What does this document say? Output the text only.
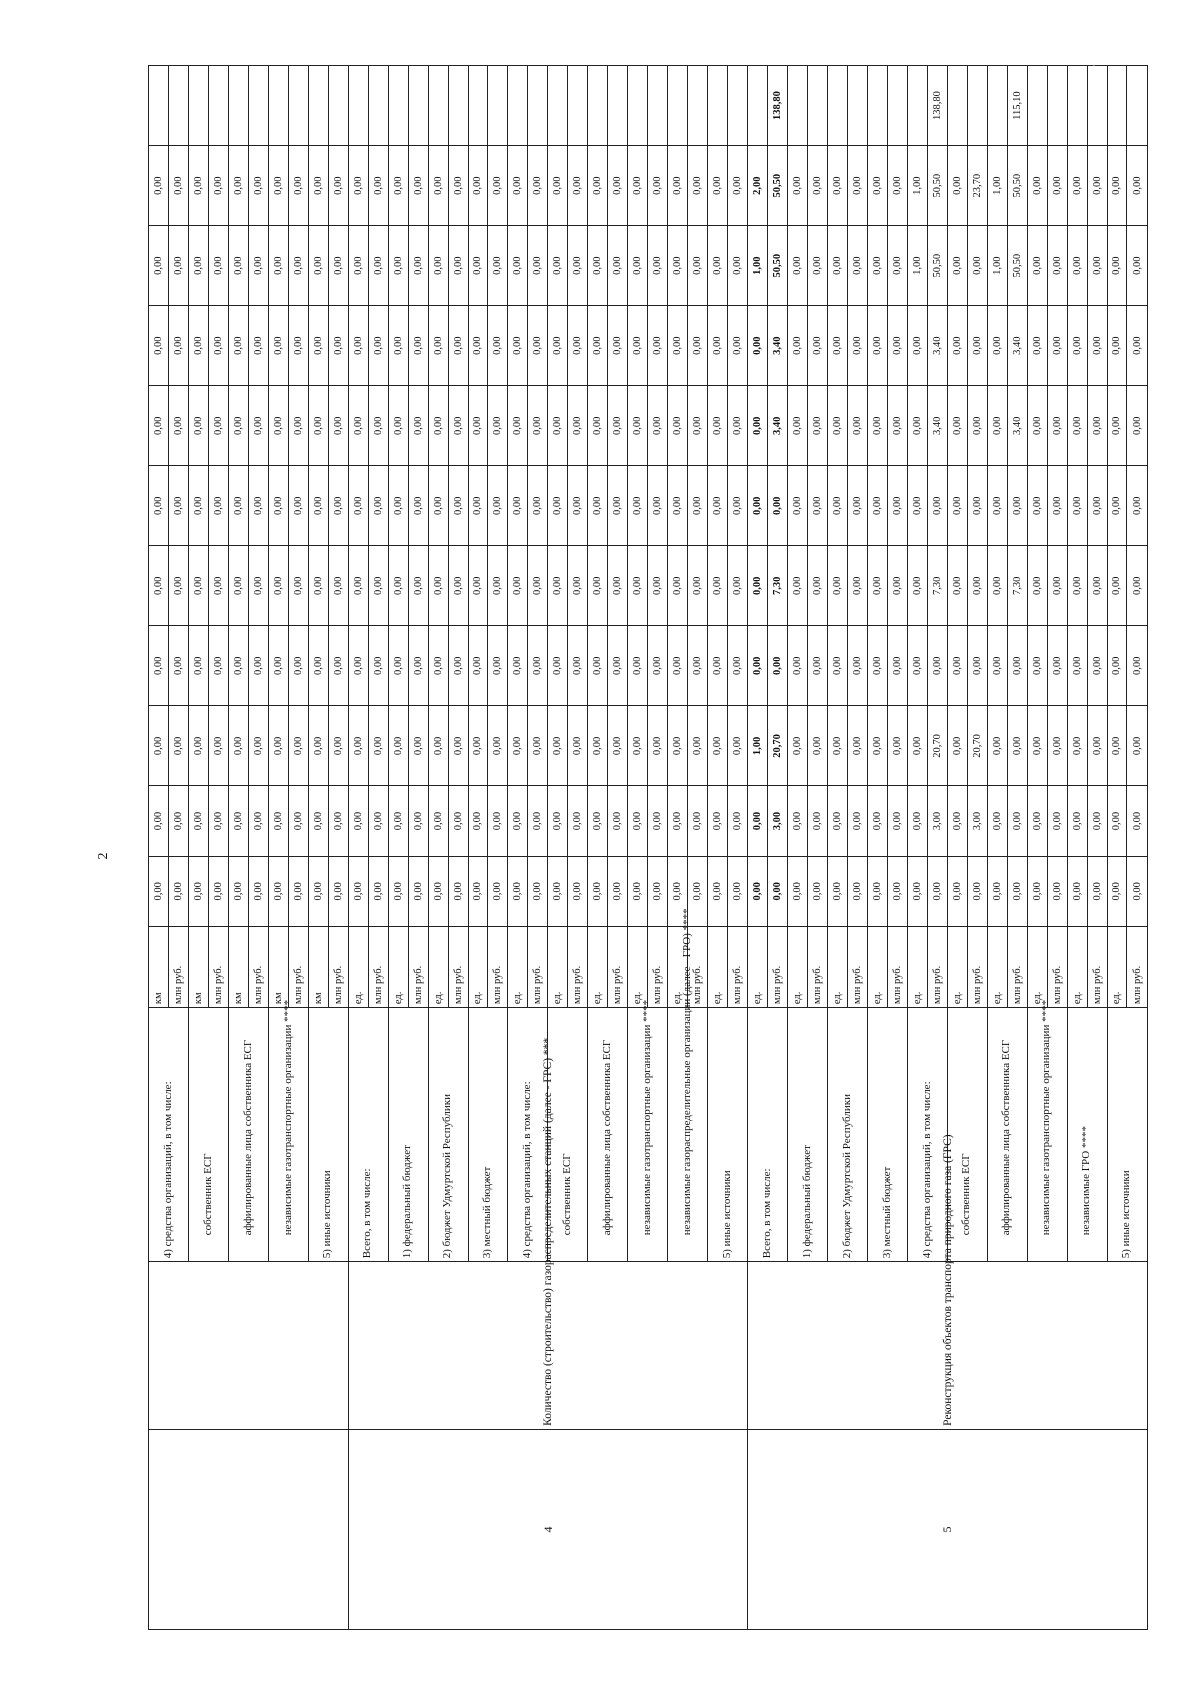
2
		4) средства организаций, в том числе:	км	0,00	0,00	0,00	0,00	0,00	0,00	0,00	0,00	0,00	0,00	
			млн руб.	0,00	0,00	0,00	0,00	0,00	0,00	0,00	0,00	0,00	0,00	
		собственник ЕСГ	км	0,00	0,00	0,00	0,00	0,00	0,00	0,00	0,00	0,00	0,00	
			млн руб.	0,00	0,00	0,00	0,00	0,00	0,00	0,00	0,00	0,00	0,00	
		аффилированные лица собственника ЕСГ	км	0,00	0,00	0,00	0,00	0,00	0,00	0,00	0,00	0,00	0,00	
			млн руб.	0,00	0,00	0,00	0,00	0,00	0,00	0,00	0,00	0,00	0,00	
		независимые газотранспортные организации ****	км	0,00	0,00	0,00	0,00	0,00	0,00	0,00	0,00	0,00	0,00	
			млн руб.	0,00	0,00	0,00	0,00	0,00	0,00	0,00	0,00	0,00	0,00	
		5) иные источники	км	0,00	0,00	0,00	0,00	0,00	0,00	0,00	0,00	0,00	0,00	
			млн руб.	0,00	0,00	0,00	0,00	0,00	0,00	0,00	0,00	0,00	0,00	
4	Количество (строительство) газораспределительных станций (далее - ГРС) ***	Всего, в том числе:	ед.	0,00	0,00	0,00	0,00	0,00	0,00	0,00	0,00	0,00	0,00	
			млн руб.	0,00	0,00	0,00	0,00	0,00	0,00	0,00	0,00	0,00	0,00	
		1) федеральный бюджет	ед.	0,00	0,00	0,00	0,00	0,00	0,00	0,00	0,00	0,00	0,00	
			млн руб.	0,00	0,00	0,00	0,00	0,00	0,00	0,00	0,00	0,00	0,00	
		2) бюджет Удмуртской Республики	ед.	0,00	0,00	0,00	0,00	0,00	0,00	0,00	0,00	0,00	0,00	
			млн руб.	0,00	0,00	0,00	0,00	0,00	0,00	0,00	0,00	0,00	0,00	
		3) местный бюджет	ед.	0,00	0,00	0,00	0,00	0,00	0,00	0,00	0,00	0,00	0,00	
			млн руб.	0,00	0,00	0,00	0,00	0,00	0,00	0,00	0,00	0,00	0,00	
		4) средства организаций, в том числе:	ед.	0,00	0,00	0,00	0,00	0,00	0,00	0,00	0,00	0,00	0,00	
			млн руб.	0,00	0,00	0,00	0,00	0,00	0,00	0,00	0,00	0,00	0,00	
		собственник ЕСГ	ед.	0,00	0,00	0,00	0,00	0,00	0,00	0,00	0,00	0,00	0,00	
			млн руб.	0,00	0,00	0,00	0,00	0,00	0,00	0,00	0,00	0,00	0,00	
		аффилированные лица собственника ЕСГ	ед.	0,00	0,00	0,00	0,00	0,00	0,00	0,00	0,00	0,00	0,00	
			млн руб.	0,00	0,00	0,00	0,00	0,00	0,00	0,00	0,00	0,00	0,00	
		независимые газотранспортные организации ****	ед.	0,00	0,00	0,00	0,00	0,00	0,00	0,00	0,00	0,00	0,00	
			млн руб.	0,00	0,00	0,00	0,00	0,00	0,00	0,00	0,00	0,00	0,00	
		независимые газораспределительные организации (далее - ГРО) ****	ед.	0,00	0,00	0,00	0,00	0,00	0,00	0,00	0,00	0,00	0,00	
			млн руб.	0,00	0,00	0,00	0,00	0,00	0,00	0,00	0,00	0,00	0,00	
		5) иные источники	ед.	0,00	0,00	0,00	0,00	0,00	0,00	0,00	0,00	0,00	0,00	
			млн руб.	0,00	0,00	0,00	0,00	0,00	0,00	0,00	0,00	0,00	0,00	
5	Реконструкция объектов транспорта природного газа (ГРС)	Всего, в том числе:	ед.	0,00	0,00	1,00	0,00	0,00	0,00	0,00	0,00	1,00	2,00	
			млн руб.	0,00	3,00	20,70	0,00	7,30	0,00	3,40	3,40	50,50	50,50	138,80
		1) федеральный бюджет	ед.	0,00	0,00	0,00	0,00	0,00	0,00	0,00	0,00	0,00	0,00	
			млн руб.	0,00	0,00	0,00	0,00	0,00	0,00	0,00	0,00	0,00	0,00	
		2) бюджет Удмуртской Республики	ед.	0,00	0,00	0,00	0,00	0,00	0,00	0,00	0,00	0,00	0,00	
			млн руб.	0,00	0,00	0,00	0,00	0,00	0,00	0,00	0,00	0,00	0,00	
		3) местный бюджет	ед.	0,00	0,00	0,00	0,00	0,00	0,00	0,00	0,00	0,00	0,00	
			млн руб.	0,00	0,00	0,00	0,00	0,00	0,00	0,00	0,00	0,00	0,00	
		4) средства организаций, в том числе:	ед.	0,00	0,00	0,00	0,00	0,00	0,00	0,00	0,00	1,00	1,00	
			млн руб.	0,00	3,00	20,70	0,00	7,30	0,00	3,40	3,40	50,50	50,50	138,80
		собственник ЕСГ	ед.	0,00	0,00	0,00	0,00	0,00	0,00	0,00	0,00	0,00	0,00	
			млн руб.	0,00	3,00	20,70	0,00	0,00	0,00	0,00	0,00	0,00	23,70	
		аффилированные лица собственника ЕСГ	ед.	0,00	0,00	0,00	0,00	0,00	0,00	0,00	0,00	1,00	1,00	
			млн руб.	0,00	0,00	0,00	0,00	7,30	0,00	3,40	3,40	50,50	50,50	115,10
		независимые газотранспортные организации ****	ед.	0,00	0,00	0,00	0,00	0,00	0,00	0,00	0,00	0,00	0,00	
			млн руб.	0,00	0,00	0,00	0,00	0,00	0,00	0,00	0,00	0,00	0,00	
		независимые ГРО ****	ед.	0,00	0,00	0,00	0,00	0,00	0,00	0,00	0,00	0,00	0,00	
			млн руб.	0,00	0,00	0,00	0,00	0,00	0,00	0,00	0,00	0,00	0,00	
		5) иные источники	ед.	0,00	0,00	0,00	0,00	0,00	0,00	0,00	0,00	0,00	0,00	
			млн руб.	0,00	0,00	0,00	0,00	0,00	0,00	0,00	0,00	0,00	0,00	
·
